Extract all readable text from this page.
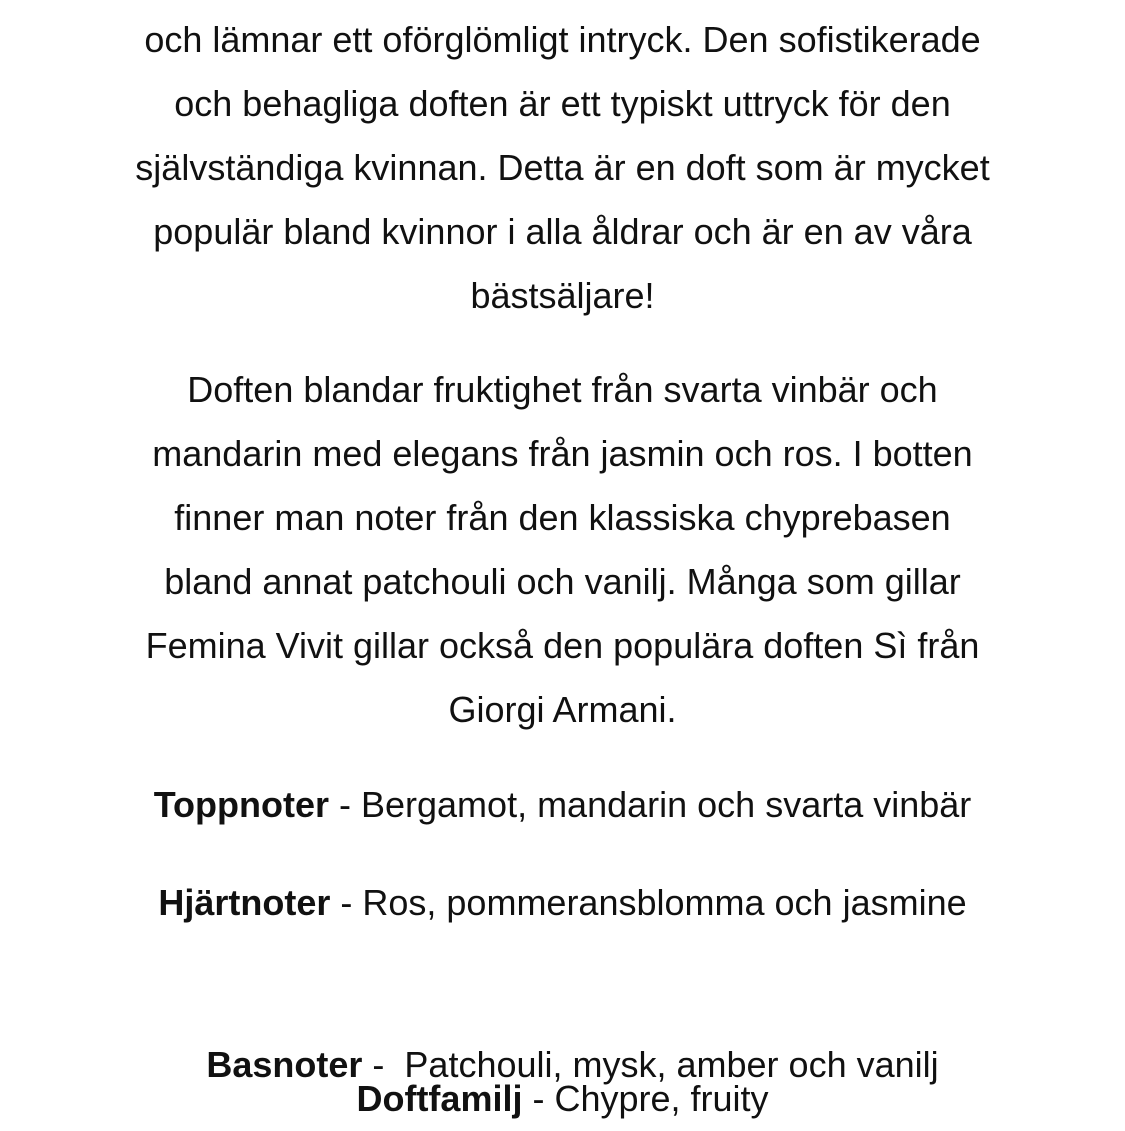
och lämnar ett oförglömligt intryck. Den sofistikerade
och behagliga doften är ett typiskt uttryck för den
självständiga kvinnan. Detta är en doft som är mycket
populär bland kvinnor i alla åldrar och är en av våra
bästsäljare!
Doften blandar fruktighet från svarta vinbär och
mandarin med elegans från jasmin och ros. I botten
finner man noter från den klassiska chyprebasen
bland annat patchouli och vanilj. Många som gillar
Femina Vivit gillar också den populära doften Sì från
Giorgi Armani.
Toppnoter - Bergamot, mandarin och svarta vinbär
Hjärtnoter - Ros, pommeransblomma och jasmine

Basnoter -  Patchouli, mysk, amber och vanilj

Doftfamilj - Chypre, fruity
